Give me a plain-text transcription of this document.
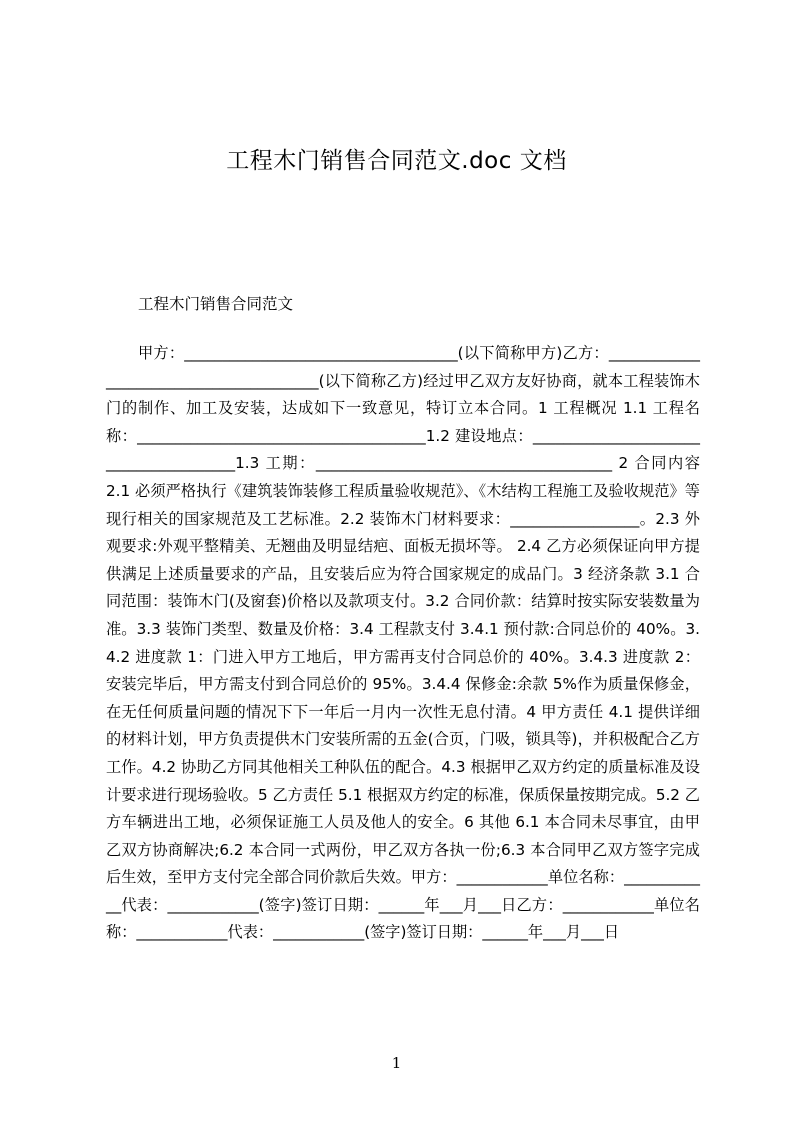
工程木门销售合同范文.doc 文档
工程木门销售合同范文

甲方：____________________________________(以下简称甲方)乙方：________________________________________(以下简称乙方)经过甲乙双方友好协商，就本工程装饰木门的制作、加工及安装，达成如下一致意见，特订立本合同。1 工程概况 1.1 工程名称：______________________________________1.2 建设地点：_______________________________________1.3 工期：_______________________________________ 2 合同内容 2.1 必须严格执行《建筑装饰装修工程质量验收规范》、《木结构工程施工及验收规范》等现行相关的国家规范及工艺标准。2.2 装饰木门材料要求：_________________。2.3 外观要求:外观平整精美、无翘曲及明显结疤、面板无损坏等。 2.4 乙方必须保证向甲方提供满足上述质量要求的产品，且安装后应为符合国家规定的成品门。3 经济条款 3.1 合同范围：装饰木门(及窗套)价格以及款项支付。3.2 合同价款：结算时按实际安装数量为准。3.3 装饰门类型、数量及价格：3.4 工程款支付 3.4.1 预付款:合同总价的 40%。3.4.2 进度款 1：门进入甲方工地后，甲方需再支付合同总价的 40%。3.4.3 进度款 2：安装完毕后，甲方需支付到合同总价的 95%。3.4.4 保修金:余款 5%作为质量保修金，在无任何质量问题的情况下下一年后一月内一次性无息付清。4 甲方责任 4.1 提供详细的材料计划，甲方负责提供木门安装所需的五金(合页，门吸，锁具等)，并积极配合乙方工作。4.2 协助乙方同其他相关工种队伍的配合。4.3 根据甲乙双方约定的质量标准及设计要求进行现场验收。5 乙方责任 5.1 根据双方约定的标准，保质保量按期完成。5.2 乙方车辆进出工地，必须保证施工人员及他人的安全。6 其他 6.1 本合同未尽事宜，由甲乙双方协商解决;6.2 本合同一式两份，甲乙双方各执一份;6.3 本合同甲乙双方签字完成后生效，至甲方支付完全部合同价款后失效。甲方：____________单位名称：____________代表：____________(签字)签订日期：______年___月___日乙方：____________单位名称：____________代表：____________(签字)签订日期：______年___月___日

1
